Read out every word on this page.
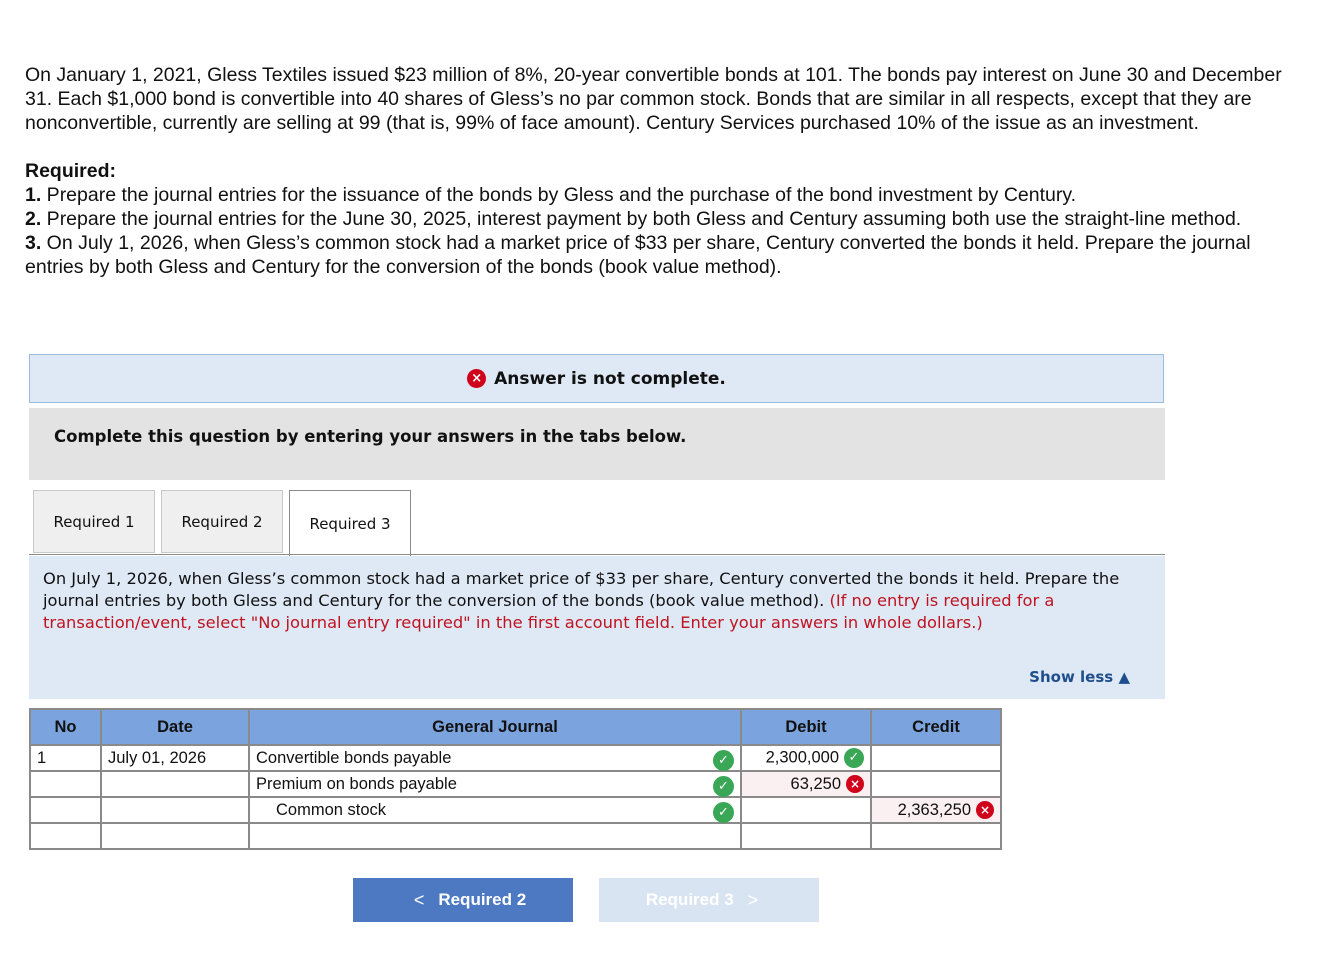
On January 1, 2021, Gless Textiles issued $23 million of 8%, 20-year convertible bonds at 101. The bonds pay interest on June 30 and December 31. Each $1,000 bond is convertible into 40 shares of Gless’s no par common stock. Bonds that are similar in all respects, except that they are nonconvertible, currently are selling at 99 (that is, 99% of face amount). Century Services purchased 10% of the issue as an investment.

Required:

1. Prepare the journal entries for the issuance of the bonds by Gless and the purchase of the bond investment by Century.

2. Prepare the journal entries for the June 30, 2025, interest payment by both Gless and Century assuming both use the straight-line method.

3. On July 1, 2026, when Gless’s common stock had a market price of $33 per share, Century converted the bonds it held. Prepare the journal entries by both Gless and Century for the conversion of the bonds (book value method).

× Answer is not complete.
Complete this question by entering your answers in the tabs below.
Required 1	Required 2	Required 3
On July 1, 2026, when Gless’s common stock had a market price of $33 per share, Century converted the bonds it held. Prepare the journal entries by both Gless and Century for the conversion of the bonds (book value method). (If no entry is required for a transaction/event, select "No journal entry required" in the first account field. Enter your answers in whole dollars.)
Show less ▲
No	Date	General Journal	Debit	Credit
1	July 01, 2026	Convertible bonds payable ✓	2,300,000 ✓	
		Premium on bonds payable ✓	63,250 ×	
		Common stock ✓		2,363,250 ×

< Required 2	Required 3 >
